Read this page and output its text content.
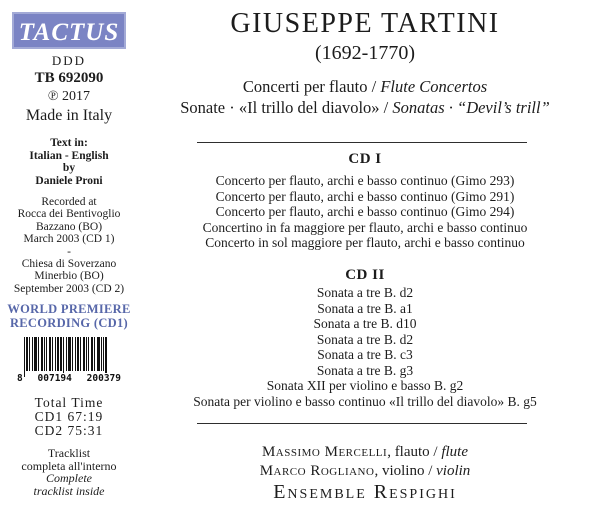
TACTUS
DDD
TB 692090
℗ 2017
Made in Italy
Text in:
Italian - English
by
Daniele Proni
Recorded at
Rocca dei Bentivoglio
Bazzano (BO)
March 2003 (CD 1)
-
Chiesa di Soverzano
Minerbio (BO)
September 2003 (CD 2)
WORLD PREMIERE
RECORDING (CD1)
8 007194 200379
Total Time
CD1 67:19
CD2 75:31
Tracklist
completa all'interno
Complete
tracklist inside
GIUSEPPE TARTINI
(1692-1770)
Concerti per flauto / Flute Concertos
Sonate · «Il trillo del diavolo» / Sonatas · “Devil’s trill”
CD I
Concerto per flauto, archi e basso continuo (Gimo 293)
Concerto per flauto, archi e basso continuo (Gimo 291)
Concerto per flauto, archi e basso continuo (Gimo 294)
Concertino in fa maggiore per flauto, archi e basso continuo
Concerto in sol maggiore per flauto, archi e basso continuo
CD II
Sonata a tre B. d2
Sonata a tre B. a1
Sonata a tre B. d10
Sonata a tre B. d2
Sonata a tre B. c3
Sonata a tre B. g3
Sonata XII per violino e basso B. g2
Sonata per violino e basso continuo «Il trillo del diavolo» B. g5
Massimo Mercelli, flauto / flute
Marco Rogliano, violino / violin
Ensemble Respighi
